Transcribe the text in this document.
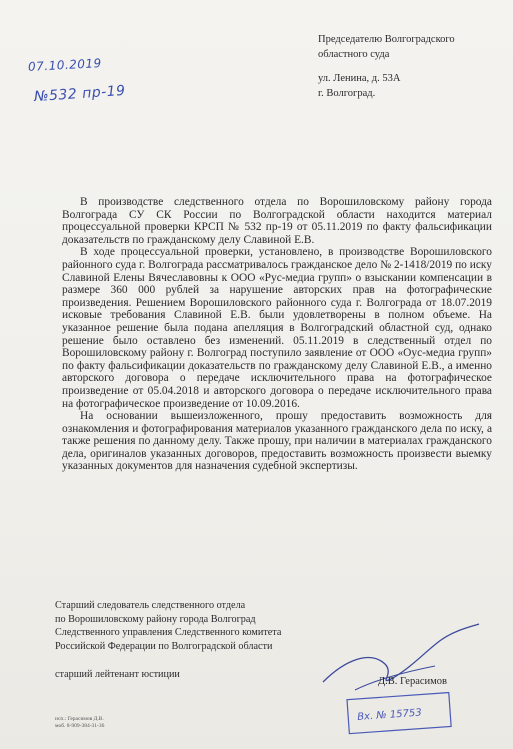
Председателю Волгоградского
областного суда
ул. Ленина, д. 53А
г. Волгоград.
07.10.2019
№532 пр-19

В производстве следственного отдела по Ворошиловскому району города Волгограда СУ СК России по Волгоградской области находится материал процессуальной проверки КРСП № 532 пр-19 от 05.11.2019 по факту фальсификации доказательств по гражданскому делу Славиной Е.В.

В ходе процессуальной проверки, установлено, в производстве Ворошиловского районного суда г. Волгограда рассматривалось гражданское дело № 2-1418/2019 по иску Славиной Елены Вячеславовны к ООО «Рус-медиа групп» о взыскании компенсации в размере 360 000 рублей за нарушение авторских прав на фотографические произведения. Решением Ворошиловского районного суда г. Волгограда от 18.07.2019 исковые требования Славиной Е.В. были удовлетворены в полном объеме. На указанное решение была подана апелляция в Волгоградский областной суд, однако решение было оставлено без изменений. 05.11.2019 в следственный отдел по Ворошиловскому району г. Волгоград поступило заявление от ООО «Оус-медиа групп» по факту фальсификации доказательств по гражданскому делу Славиной Е.В., а именно авторского договора о передаче исключительного права на фотографическое произведение от 05.04.2018 и авторского договора о передаче исключительного права на фотографическое произведение от 10.09.2016.

На основании вышеизложенного, прошу предоставить возможность для ознакомления и фотографирования материалов указанного гражданского дела по иску, а также решения по данному делу. Также прошу, при наличии в материалах гражданского дела, оригиналов указанных договоров, предоставить возможность произвести выемку указанных документов для назначения судебной экспертизы.

Старший следователь следственного отдела
по Ворошиловскому району города Волгоград
Следственного управления Следственного комитета
Российской Федерации по Волгоградской области
старший лейтенант юстиции
Д.В. Герасимов
Вх. № 15753
исп.: Герасимов Д.В.
моб. 8-909-384-31-36
